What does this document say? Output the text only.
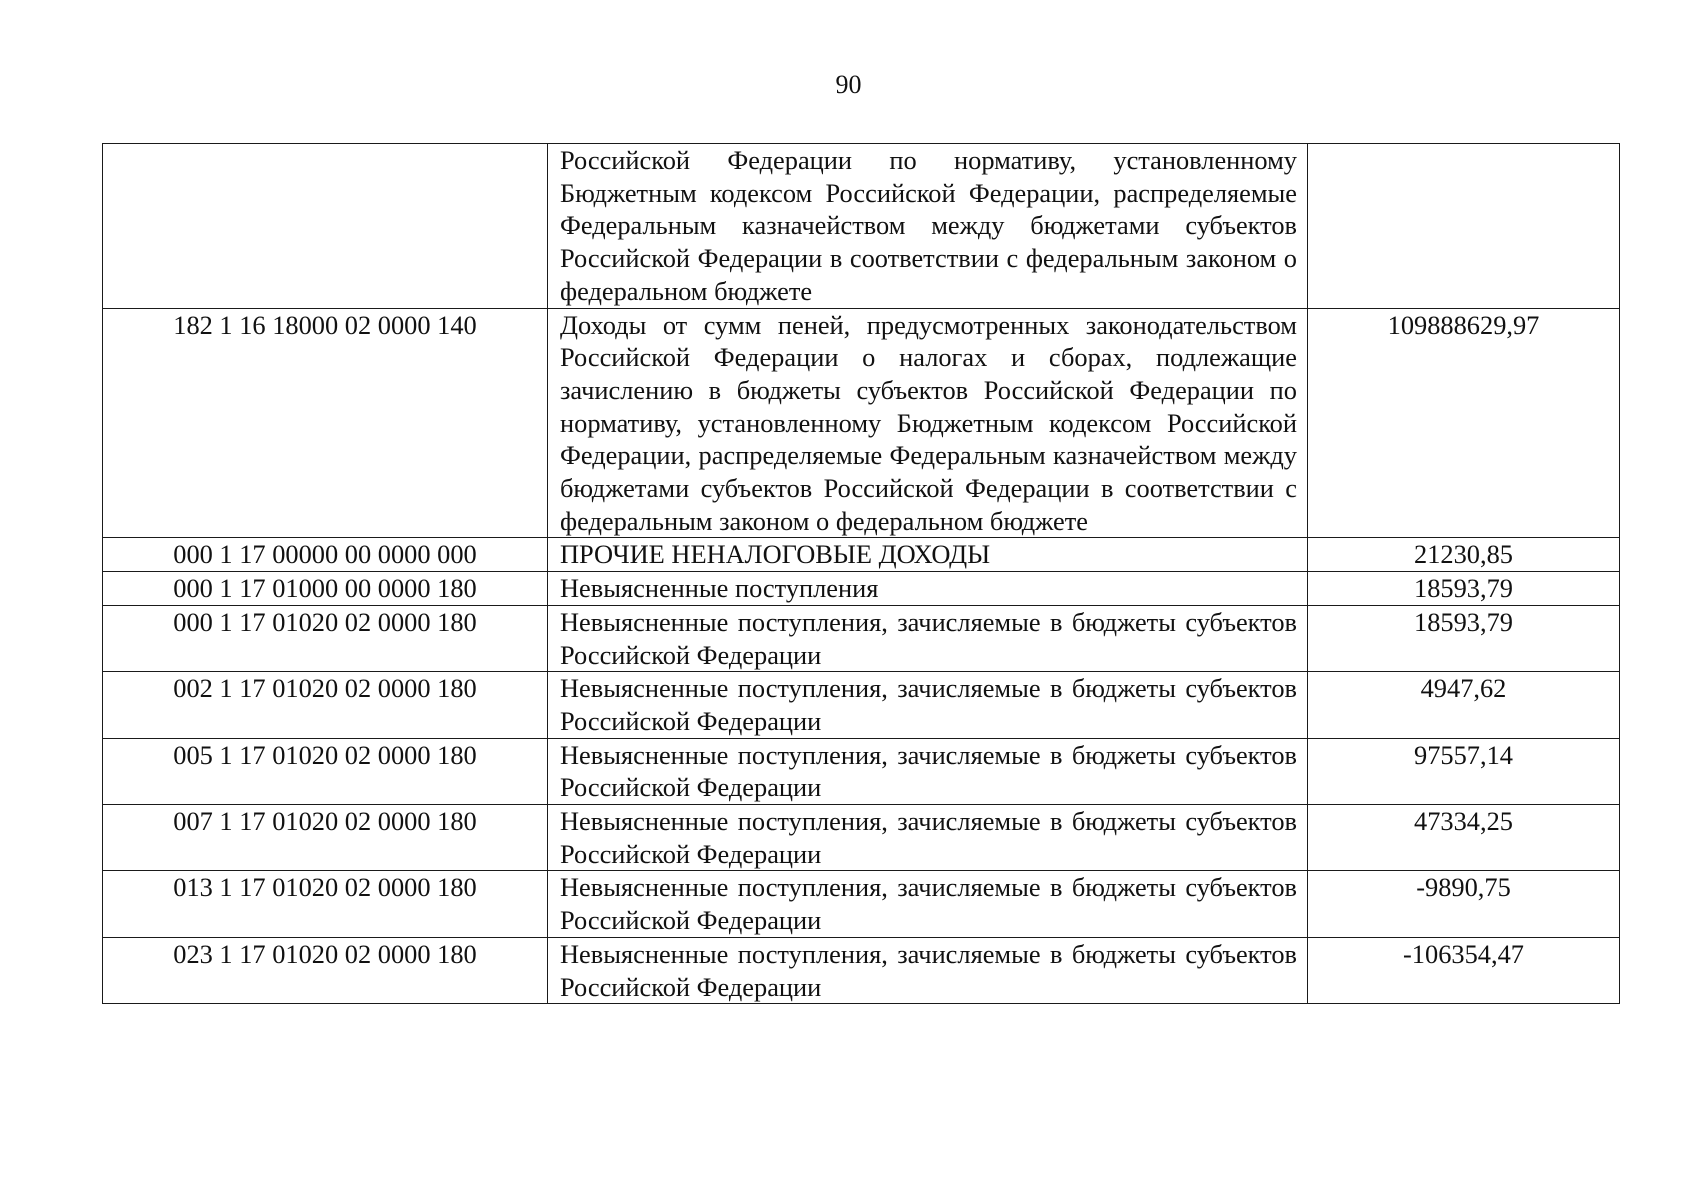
90
	Российской Федерации по нормативу, установленному Бюджетным кодексом Российской Федерации, распределяемые Федеральным казначейством между бюджетами субъектов Российской Федерации в соответствии с федеральным законом о федеральном бюджете	
182 1 16 18000 02 0000 140	Доходы от сумм пеней, предусмотренных законодательством Российской Федерации о налогах и сборах, подлежащие зачислению в бюджеты субъектов Российской Федерации по нормативу, установленному Бюджетным кодексом Российской Федерации, распределяемые Федеральным казначейством между бюджетами субъектов Российской Федерации в соответствии с федеральным законом о федеральном бюджете	109888629,97
000 1 17 00000 00 0000 000	ПРОЧИЕ НЕНАЛОГОВЫЕ ДОХОДЫ	21230,85
000 1 17 01000 00 0000 180	Невыясненные поступления	18593,79
000 1 17 01020 02 0000 180	Невыясненные поступления, зачисляемые в бюджеты субъектов Российской Федерации	18593,79
002 1 17 01020 02 0000 180	Невыясненные поступления, зачисляемые в бюджеты субъектов Российской Федерации	4947,62
005 1 17 01020 02 0000 180	Невыясненные поступления, зачисляемые в бюджеты субъектов Российской Федерации	97557,14
007 1 17 01020 02 0000 180	Невыясненные поступления, зачисляемые в бюджеты субъектов Российской Федерации	47334,25
013 1 17 01020 02 0000 180	Невыясненные поступления, зачисляемые в бюджеты субъектов Российской Федерации	-9890,75
023 1 17 01020 02 0000 180	Невыясненные поступления, зачисляемые в бюджеты субъектов Российской Федерации	-106354,47
